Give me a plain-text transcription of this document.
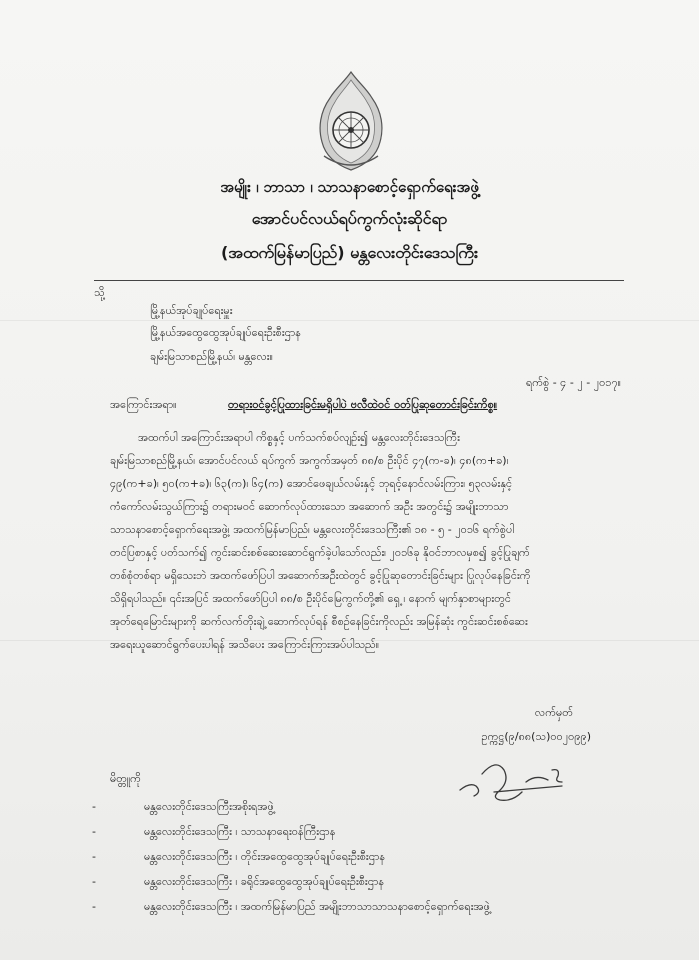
အမျိုး ၊ ဘာသာ ၊ သာသနာစောင့်ရှောက်ရေးအဖွဲ့
အောင်ပင်လယ်ရပ်ကွက်လုံးဆိုင်ရာ
(အထက်မြန်မာပြည်) မန္တလေးတိုင်းဒေသကြီး
သို့
မြို့နယ်အုပ်ချုပ်ရေးမှူး
မြို့နယ်အထွေထွေအုပ်ချုပ်ရေးဦးစီးဌာန
ချမ်းမြသာစည်မြို့နယ်၊ မန္တလေး။
ရက်စွဲ - ၄ - ၂ - ၂၀၁၇။
အကြောင်းအရာ။	တရားဝင်ခွင့်ပြုထားခြင်းမရှိပါပဲ ဗလီထဲဝင် ဝတ်ပြုဆုတောင်းခြင်းကိစ္စ။
အထက်ပါ အကြောင်းအရာပါ ကိစ္စနှင့် ပက်သက်စပ်လျဉ်း၍ မန္တလေးတိုင်းဒေသကြီး
ချမ်းမြသာစည်မြို့နယ်၊ အောင်ပင်လယ် ရပ်ကွက် အကွက်အမှတ် ၈၈/စ ဦးပိုင် ၄၇(က-ခ)၊ ၄၈(က+ခ)၊
၄၉(က+ခ)၊ ၅၀(က+ခ)၊ ၆၃(က)၊ ၆၄(က) အောင်ဖေချယ်လမ်းနှင့် ဘုရင့်နောင်လမ်းကြား၊ ၅၃လမ်းနှင့်
ကံကော်လမ်းသွယ်ကြား၌ တရားမဝင် ဆောက်လုပ်ထားသော အဆောက် အဦး အတွင်း၌ အမျိုးဘာသာ
သာသနာစောင့်ရှောက်ရေးအဖွဲ့၊ အထက်မြန်မာပြည်၊ မန္တလေးတိုင်းဒေသကြီး၏ ၁၈ - ၅ - ၂၀၁၆ ရက်စွဲပါ
တင်ပြစာနှင့် ပတ်သက်၍ ကွင်းဆင်းစစ်ဆေးဆောင်ရွက်ခဲ့ပါသော်လည်း၊ ၂၀၁၆ခု နိုဝင်ဘာလမှစ၍ ခွင့်ပြုချက်
တစ်စုံတစ်ရာ မရှိသေးဘဲ အထက်ဖော်ပြပါ အဆောက်အဦးထဲတွင် ခွင့်ပြုဆုတောင်းခြင်းများ ပြုလုပ်နေခြင်းကို
သိရှိရပါသည်။ ၎င်းအပြင် အထက်ဖော်ပြပါ ၈၈/စ ဦးပိုင်မြေကွက်တို့၏ ရှေ့ ၊ နောက် မျက်နှာစာများတွင်
အုတ်ရေမြောင်းများကို ဆက်လက်တိုးချဲ့ ဆောက်လုပ်ရန် စီစဉ်နေခြင်းကိုလည်း အမြန်ဆုံး ကွင်းဆင်းစစ်ဆေး
အရေးယူဆောင်ရွက်ပေးပါရန် အသိပေး အကြောင်းကြားအပ်ပါသည်။
လက်မှတ်
ဥက္ကဋ္ဌ(၉/၈၈(သ)၀၀၂၀၉၉)
မိတ္တူကို
-	မန္တလေးတိုင်းဒေသကြီးအစိုးရအဖွဲ့
-	မန္တလေးတိုင်းဒေသကြီး ၊ သာသနာရေးဝန်ကြီးဌာန
-	မန္တလေးတိုင်းဒေသကြီး ၊ တိုင်းအထွေထွေအုပ်ချုပ်ရေးဦးစီးဌာန
-	မန္တလေးတိုင်းဒေသကြီး ၊ ခရိုင်အထွေထွေအုပ်ချုပ်ရေးဦးစီးဌာန
-	မန္တလေးတိုင်းဒေသကြီး ၊ အထက်မြန်မာပြည် အမျိုးဘာသာသာသနာစောင့်ရှောက်ရေးအဖွဲ့
